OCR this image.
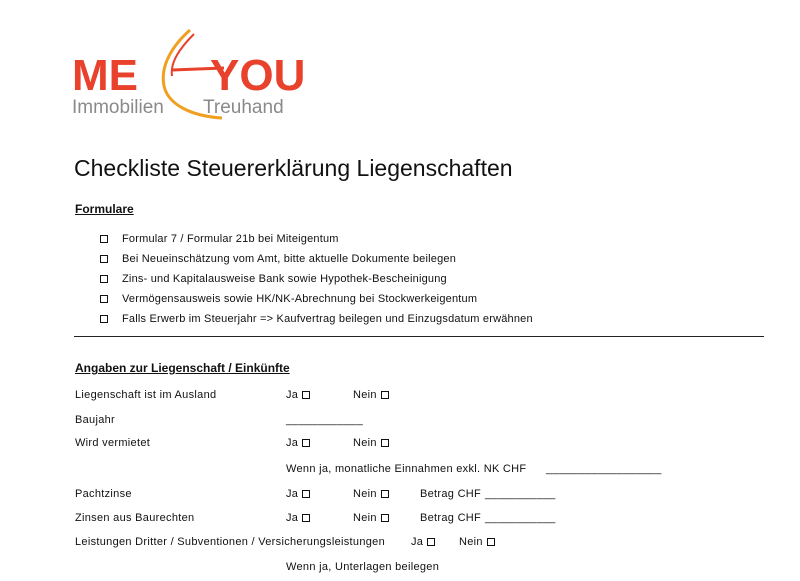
ME YOU
Immobilien Treuhand
Checkliste Steuererklärung Liegenschaften
Formulare
Formular 7 / Formular 21b bei Miteigentum
Bei Neueinschätzung vom Amt, bitte aktuelle Dokumente beilegen
Zins- und Kapitalausweise Bank sowie Hypothek-Bescheinigung
Vermögensausweis sowie HK/NK-Abrechnung bei Stockwerkeigentum
Falls Erwerb im Steuerjahr => Kaufvertrag beilegen und Einzugsdatum erwähnen
Angaben zur Liegenschaft / Einkünfte
Liegenschaft ist im Ausland	Ja	Nein
Baujahr	____________
Wird vermietet	Ja	Nein
Wenn ja, monatliche Einnahmen exkl. NK CHF __________________
Pachtzinse	Ja	Nein	Betrag CHF ___________
Zinsen aus Baurechten	Ja	Nein	Betrag CHF ___________
Leistungen Dritter / Subventionen / Versicherungsleistungen Ja	Nein
Wenn ja, Unterlagen beilegen
